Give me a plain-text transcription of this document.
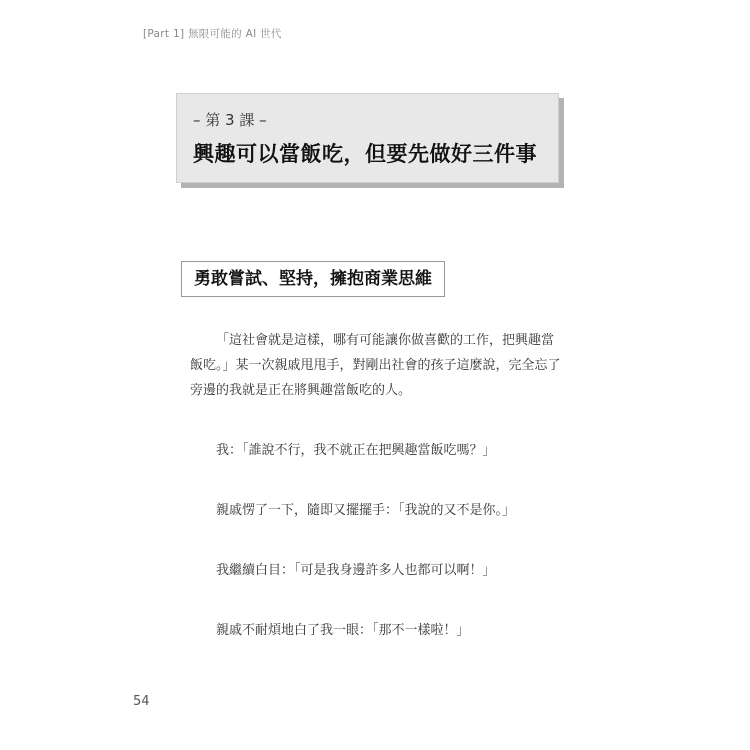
[Part 1] 無限可能的 AI 世代
– 第 3 課 –
興趣可以當飯吃，但要先做好三件事
勇敢嘗試、堅持，擁抱商業思維

「這社會就是這樣，哪有可能讓你做喜歡的工作，把興趣當飯吃。」某一次親戚甩甩手，對剛出社會的孩子這麼說，完全忘了旁邊的我就是正在將興趣當飯吃的人。

我：「誰說不行，我不就正在把興趣當飯吃嗎？」

親戚愣了一下，隨即又擺擺手：「我說的又不是你。」

我繼續白目：「可是我身邊許多人也都可以啊！」

親戚不耐煩地白了我一眼：「那不一樣啦！」

54
